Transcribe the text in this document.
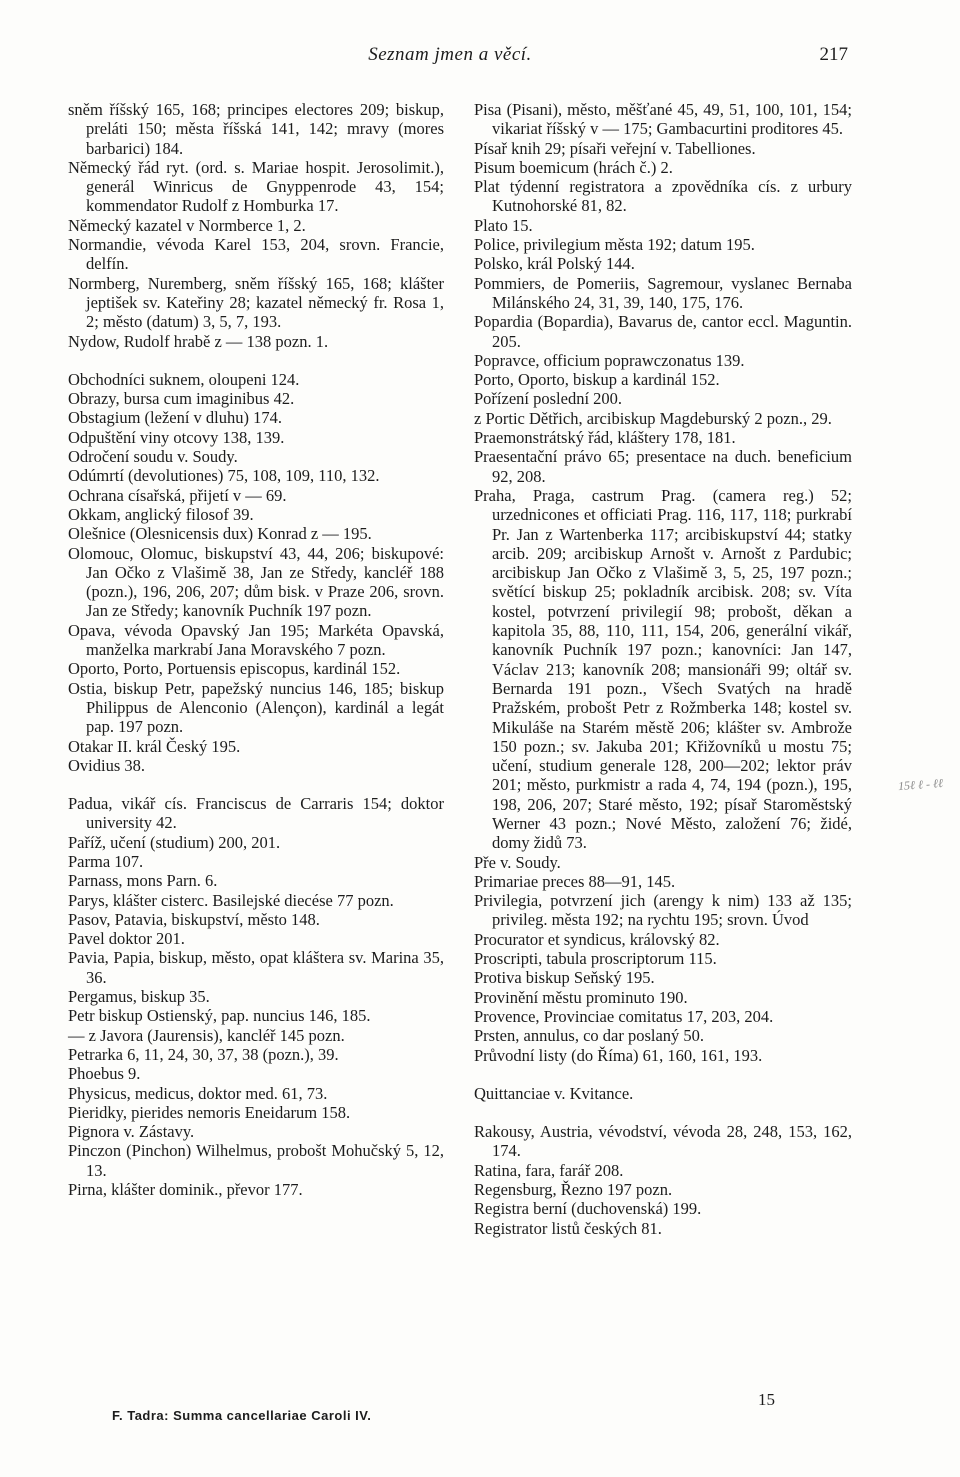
Seznam jmen a věcí.	217

sněm říšský 165, 168; principes electores 209; biskup, preláti 150; města říšská 141, 142; mravy (mores barbarici) 184.

Německý řád ryt. (ord. s. Mariae hospit. Jerosolimit.), generál Winricus de Gnyppenrode 43, 154; kommendator Rudolf z Homburka 17.

Německý kazatel v Normberce 1, 2.

Normandie, vévoda Karel 153, 204, srovn. Francie, delfín.

Normberg, Nuremberg, sněm říšský 165, 168; klášter jeptišek sv. Kateřiny 28; kazatel německý fr. Rosa 1, 2; město (datum) 3, 5, 7, 193.

Nydow, Rudolf hrabě z — 138 pozn. 1.

Obchodníci suknem, oloupeni 124.

Obrazy, bursa cum imaginibus 42.

Obstagium (ležení v dluhu) 174.

Odpuštění viny otcovy 138, 139.

Odročení soudu v. Soudy.

Odúmrtí (devolutiones) 75, 108, 109, 110, 132.

Ochrana císařská, přijetí v — 69.

Okkam, anglický filosof 39.

Olešnice (Olesnicensis dux) Konrad z — 195.

Olomouc, Olomuc, biskupství 43, 44, 206; biskupové: Jan Očko z Vlašimě 38, Jan ze Středy, kancléř 188 (pozn.), 196, 206, 207; dům bisk. v Praze 206, srovn. Jan ze Středy; kanovník Puchník 197 pozn.

Opava, vévoda Opavský Jan 195; Markéta Opavská, manželka markrabí Jana Moravského 7 pozn.

Oporto, Porto, Portuensis episcopus, kardinál 152.

Ostia, biskup Petr, papežský nuncius 146, 185; biskup Philippus de Alenconio (Alençon), kardinál a legát pap. 197 pozn.

Otakar II. král Český 195.

Ovidius 38.

Padua, vikář cís. Franciscus de Carraris 154; doktor university 42.

Paříž, učení (studium) 200, 201.

Parma 107.

Parnass, mons Parn. 6.

Parys, klášter cisterc. Basilejské diecése 77 pozn.

Pasov, Patavia, biskupství, město 148.

Pavel doktor 201.

Pavia, Papia, biskup, město, opat kláštera sv. Marina 35, 36.

Pergamus, biskup 35.

Petr biskup Ostienský, pap. nuncius 146, 185.

— z Javora (Jaurensis), kancléř 145 pozn.

Petrarka 6, 11, 24, 30, 37, 38 (pozn.), 39.

Phoebus 9.

Physicus, medicus, doktor med. 61, 73.

Pieridky, pierides nemoris Eneidarum 158.

Pignora v. Zástavy.

Pinczon (Pinchon) Wilhelmus, probošt Mohučský 5, 12, 13.

Pirna, klášter dominik., převor 177.

Pisa (Pisani), město, měšťané 45, 49, 51, 100, 101, 154; vikariat říšský v — 175; Gambacurtini proditores 45.

Písař knih 29; písaři veřejní v. Tabelliones.

Pisum boemicum (hrách č.) 2.

Plat týdenní registratora a zpovědníka cís. z urbury Kutnohorské 81, 82.

Plato 15.

Police, privilegium města 192; datum 195.

Polsko, král Polský 144.

Pommiers, de Pomeriis, Sagremour, vyslanec Bernaba Milánského 24, 31, 39, 140, 175, 176.

Popardia (Bopardia), Bavarus de, cantor eccl. Maguntin. 205.

Popravce, officium poprawczonatus 139.

Porto, Oporto, biskup a kardinál 152.

Pořízení poslední 200.

z Portic Dětřich, arcibiskup Magdeburský 2 pozn., 29.

Praemonstrátský řád, kláštery 178, 181.

Praesentační právo 65; presentace na duch. beneficium 92, 208.

Praha, Praga, castrum Prag. (camera reg.) 52; urzednicones et officiati Prag. 116, 117, 118; purkrabí Pr. Jan z Wartenberka 117; arcibiskupství 44; statky arcib. 209; arcibiskup Arnošt v. Arnošt z Pardubic; arcibiskup Jan Očko z Vlašimě 3, 5, 25, 197 pozn.; světící biskup 25; pokladník arcibisk. 208; sv. Víta kostel, potvrzení privilegií 98; probošt, děkan a kapitola 35, 88, 110, 111, 154, 206, generální vikář, kanovník Puchník 197 pozn.; kanovníci: Jan 147, Václav 213; kanovník 208; mansionáři 99; oltář sv. Bernarda 191 pozn., Všech Svatých na hradě Pražském, probošt Petr z Rožmberka 148; kostel sv. Mikuláše na Starém městě 206; klášter sv. Ambrože 150 pozn.; sv. Jakuba 201; Křižovníků u mostu 75; učení, studium generale 128, 200—202; lektor práv 201; město, purkmistr a rada 4, 74, 194 (pozn.), 195, 198, 206, 207; Staré město, 192; písař Staroměstský Werner 43 pozn.; Nové Město, založení 76; židé, domy židů 73.

Pře v. Soudy.

Primariae preces 88—91, 145.

Privilegia, potvrzení jich (arengy k nim) 133 až 135; privileg. města 192; na rychtu 195; srovn. Úvod

Procurator et syndicus, královský 82.

Proscripti, tabula proscriptorum 115.

Protiva biskup Seňský 195.

Provinění městu prominuto 190.

Provence, Provinciae comitatus 17, 203, 204.

Prsten, annulus, co dar poslaný 50.

Průvodní listy (do Říma) 61, 160, 161, 193.

Quittanciae v. Kvitance.

Rakousy, Austria, vévodství, vévoda 28, 248, 153, 162, 174.

Ratina, fara, farář 208.

Regensburg, Řezno 197 pozn.

Registra berní (duchovenská) 199.

Registrator listů českých 81.

15ℓ ℓ - ℓℓ
15
F. Tadra: Summa cancellariae Caroli IV.
